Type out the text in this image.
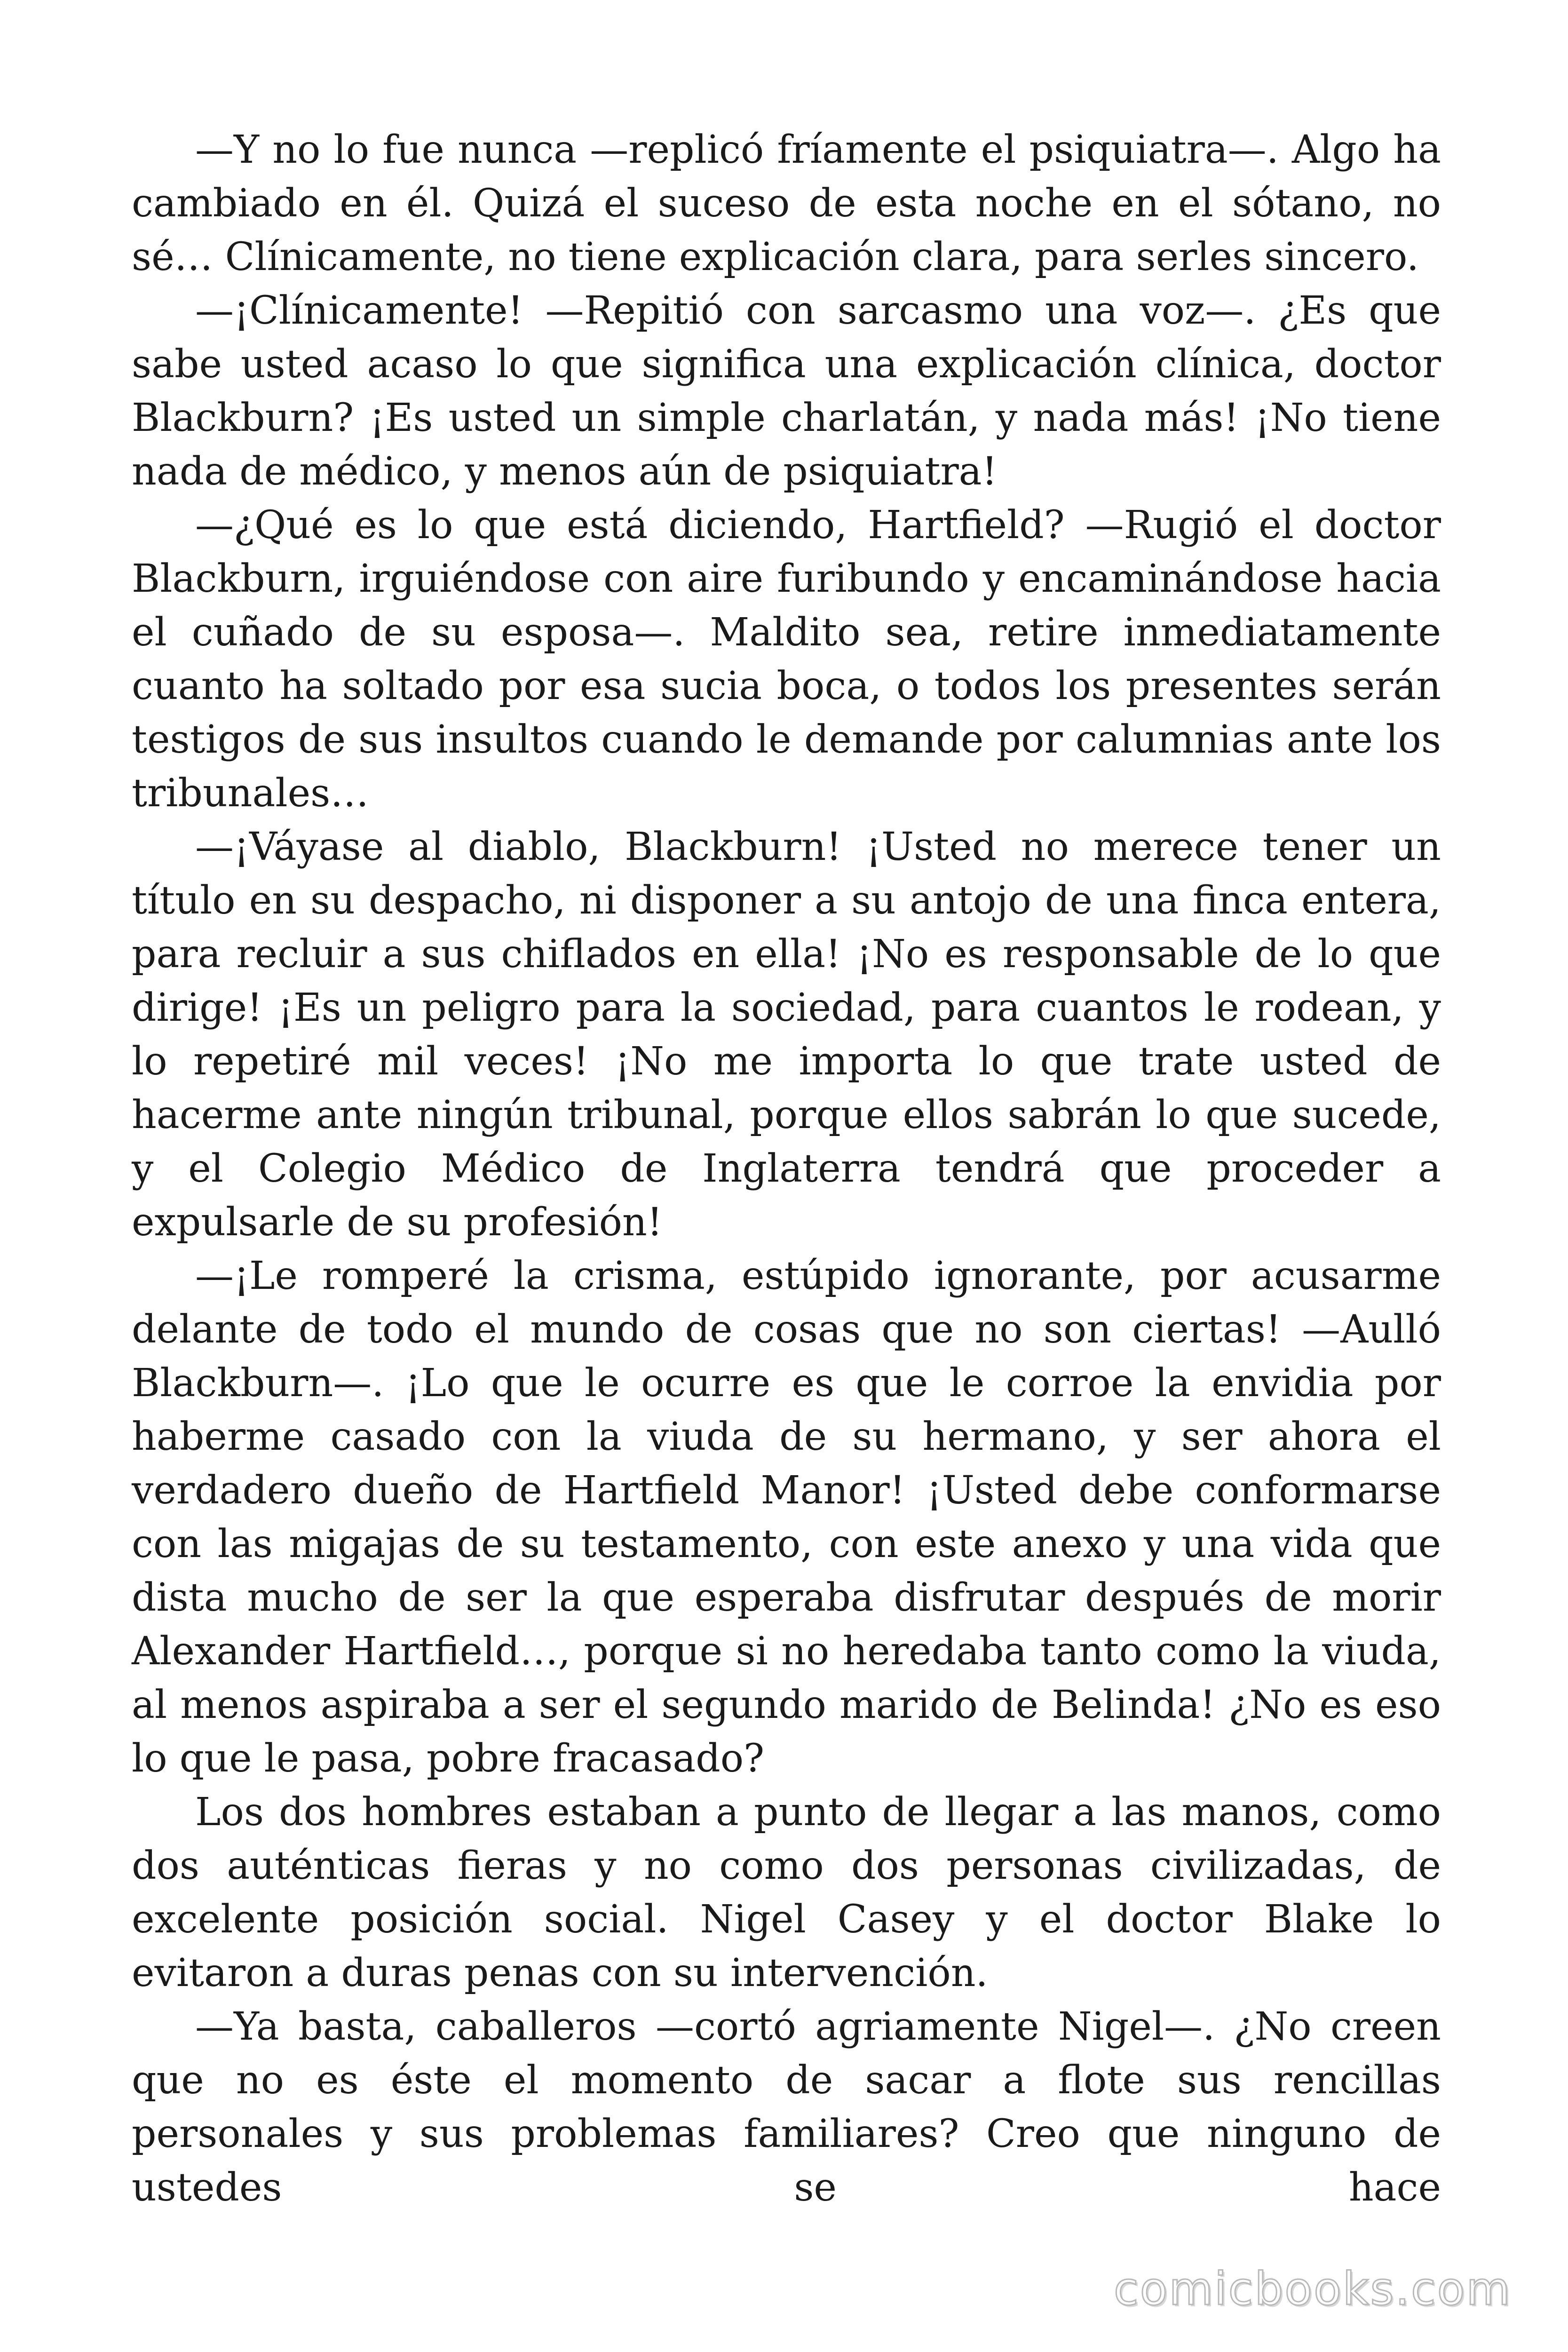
—Y no lo fue nunca —replicó fríamente el psiquiatra—. Algo ha cambiado en él. Quizá el suceso de esta noche en el sótano, no sé… Clínicamente, no tiene explicación clara, para serles sincero.

—¡Clínicamente! —Repitió con sarcasmo una voz—. ¿Es que sabe usted acaso lo que significa una explicación clínica, doctor Blackburn? ¡Es usted un simple charlatán, y nada más! ¡No tiene nada de médico, y menos aún de psiquiatra!

—¿Qué es lo que está diciendo, Hartfield? —Rugió el doctor Blackburn, irguiéndose con aire furibundo y encaminándose hacia el cuñado de su esposa—. Maldito sea, retire inmediatamente cuanto ha soltado por esa sucia boca, o todos los presentes serán testigos de sus insultos cuando le demande por calumnias ante los tribunales…

—¡Váyase al diablo, Blackburn! ¡Usted no merece tener un título en su despacho, ni disponer a su antojo de una finca entera, para recluir a sus chiflados en ella! ¡No es responsable de lo que dirige! ¡Es un peligro para la sociedad, para cuantos le rodean, y lo repetiré mil veces! ¡No me importa lo que trate usted de hacerme ante ningún tribunal, porque ellos sabrán lo que sucede, y el Colegio Médico de Inglaterra tendrá que proceder a expulsarle de su profesión!

—¡Le romperé la crisma, estúpido ignorante, por acusarme delante de todo el mundo de cosas que no son ciertas! —Aulló Blackburn—. ¡Lo que le ocurre es que le corroe la envidia por haberme casado con la viuda de su hermano, y ser ahora el verdadero dueño de Hartfield Manor! ¡Usted debe conformarse con las migajas de su testamento, con este anexo y una vida que dista mucho de ser la que esperaba disfrutar después de morir Alexander Hartfield…, porque si no heredaba tanto como la viuda, al menos aspiraba a ser el segundo marido de Belinda! ¿No es eso lo que le pasa, pobre fracasado?

Los dos hombres estaban a punto de llegar a las manos, como dos auténticas fieras y no como dos personas civilizadas, de excelente posición social. Nigel Casey y el doctor Blake lo evitaron a duras penas con su intervención.

—Ya basta, caballeros —cortó agriamente Nigel—. ¿No creen que no es éste el momento de sacar a flote sus rencillas personales y sus problemas familiares? Creo que ninguno de ustedes se hace

comicbooks.com
